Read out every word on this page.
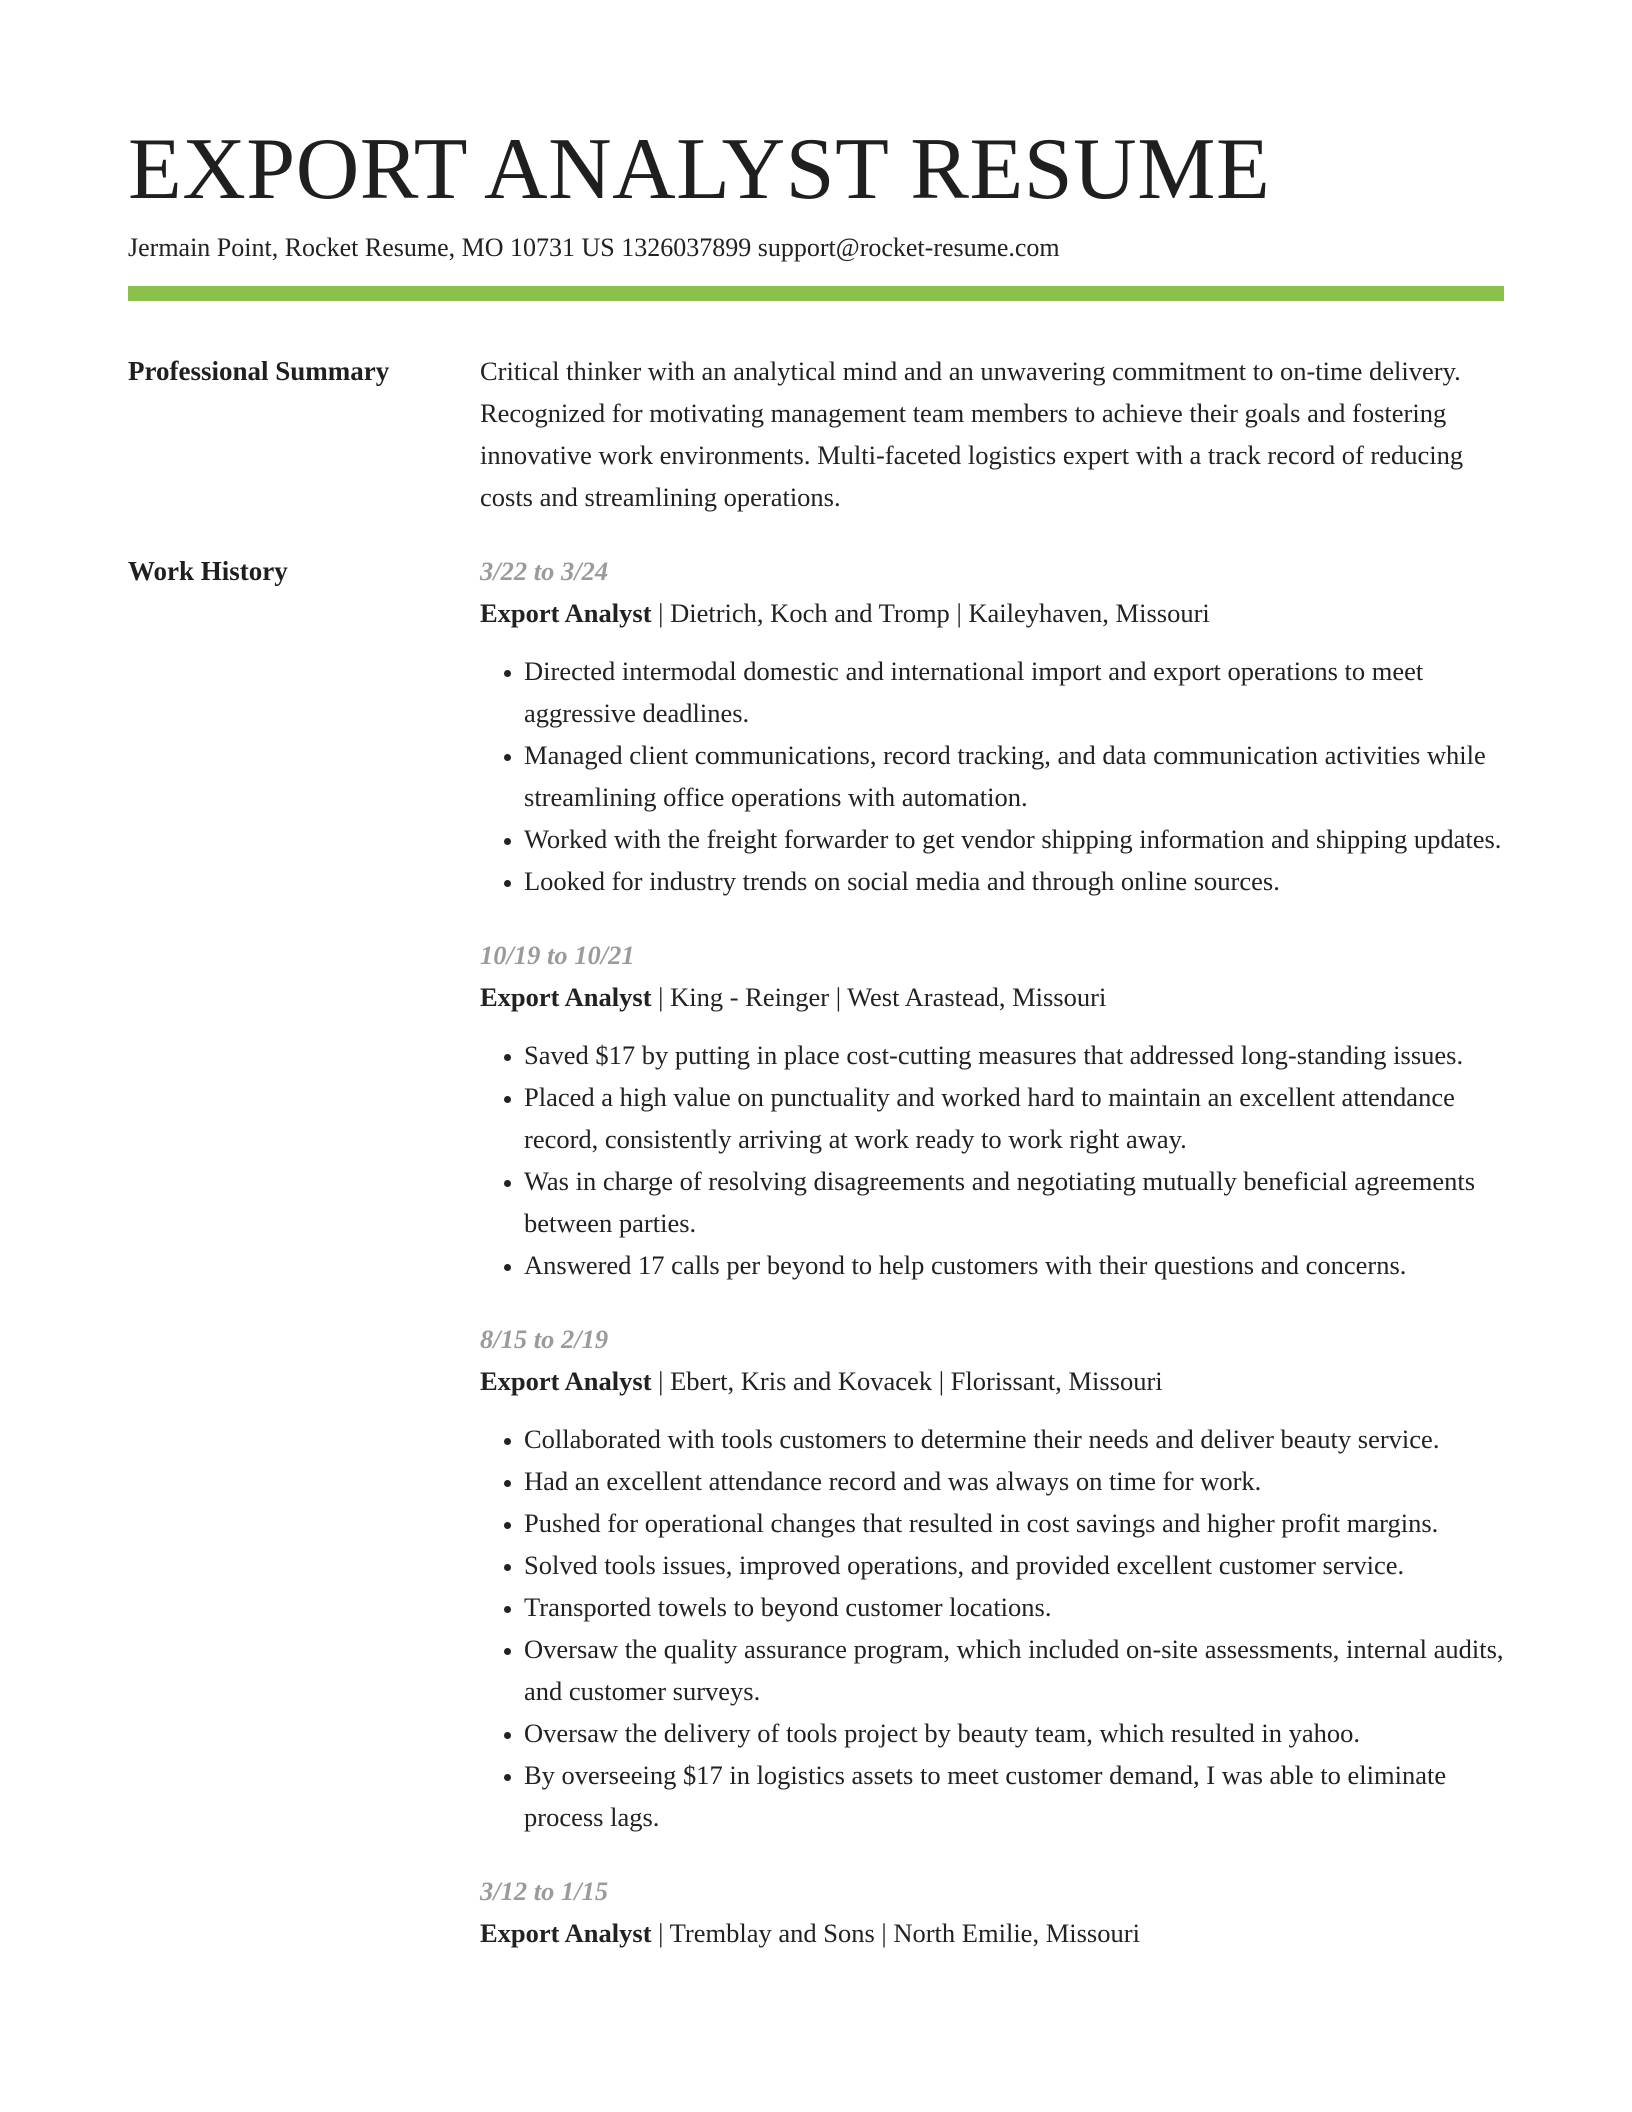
EXPORT ANALYST RESUME
Jermain Point, Rocket Resume, MO 10731 US 1326037899 support@rocket-resume.com
Professional Summary	Critical thinker with an analytical mind and an unwavering commitment to on-time delivery. Recognized for motivating management team members to achieve their goals and fostering innovative work environments. Multi-faceted logistics expert with a track record of reducing costs and streamlining operations.
Work History	3/22 to 3/24
Export Analyst | Dietrich, Koch and Tromp | Kaileyhaven, Missouri
• Directed intermodal domestic and international import and export operations to meet aggressive deadlines.
• Managed client communications, record tracking, and data communication activities while streamlining office operations with automation.
• Worked with the freight forwarder to get vendor shipping information and shipping updates.
• Looked for industry trends on social media and through online sources.
10/19 to 10/21
Export Analyst | King - Reinger | West Arastead, Missouri
• Saved $17 by putting in place cost-cutting measures that addressed long-standing issues.
• Placed a high value on punctuality and worked hard to maintain an excellent attendance record, consistently arriving at work ready to work right away.
• Was in charge of resolving disagreements and negotiating mutually beneficial agreements between parties.
• Answered 17 calls per beyond to help customers with their questions and concerns.
8/15 to 2/19
Export Analyst | Ebert, Kris and Kovacek | Florissant, Missouri
• Collaborated with tools customers to determine their needs and deliver beauty service.
• Had an excellent attendance record and was always on time for work.
• Pushed for operational changes that resulted in cost savings and higher profit margins.
• Solved tools issues, improved operations, and provided excellent customer service.
• Transported towels to beyond customer locations.
• Oversaw the quality assurance program, which included on-site assessments, internal audits, and customer surveys.
• Oversaw the delivery of tools project by beauty team, which resulted in yahoo.
• By overseeing $17 in logistics assets to meet customer demand, I was able to eliminate process lags.
3/12 to 1/15
Export Analyst | Tremblay and Sons | North Emilie, Missouri
